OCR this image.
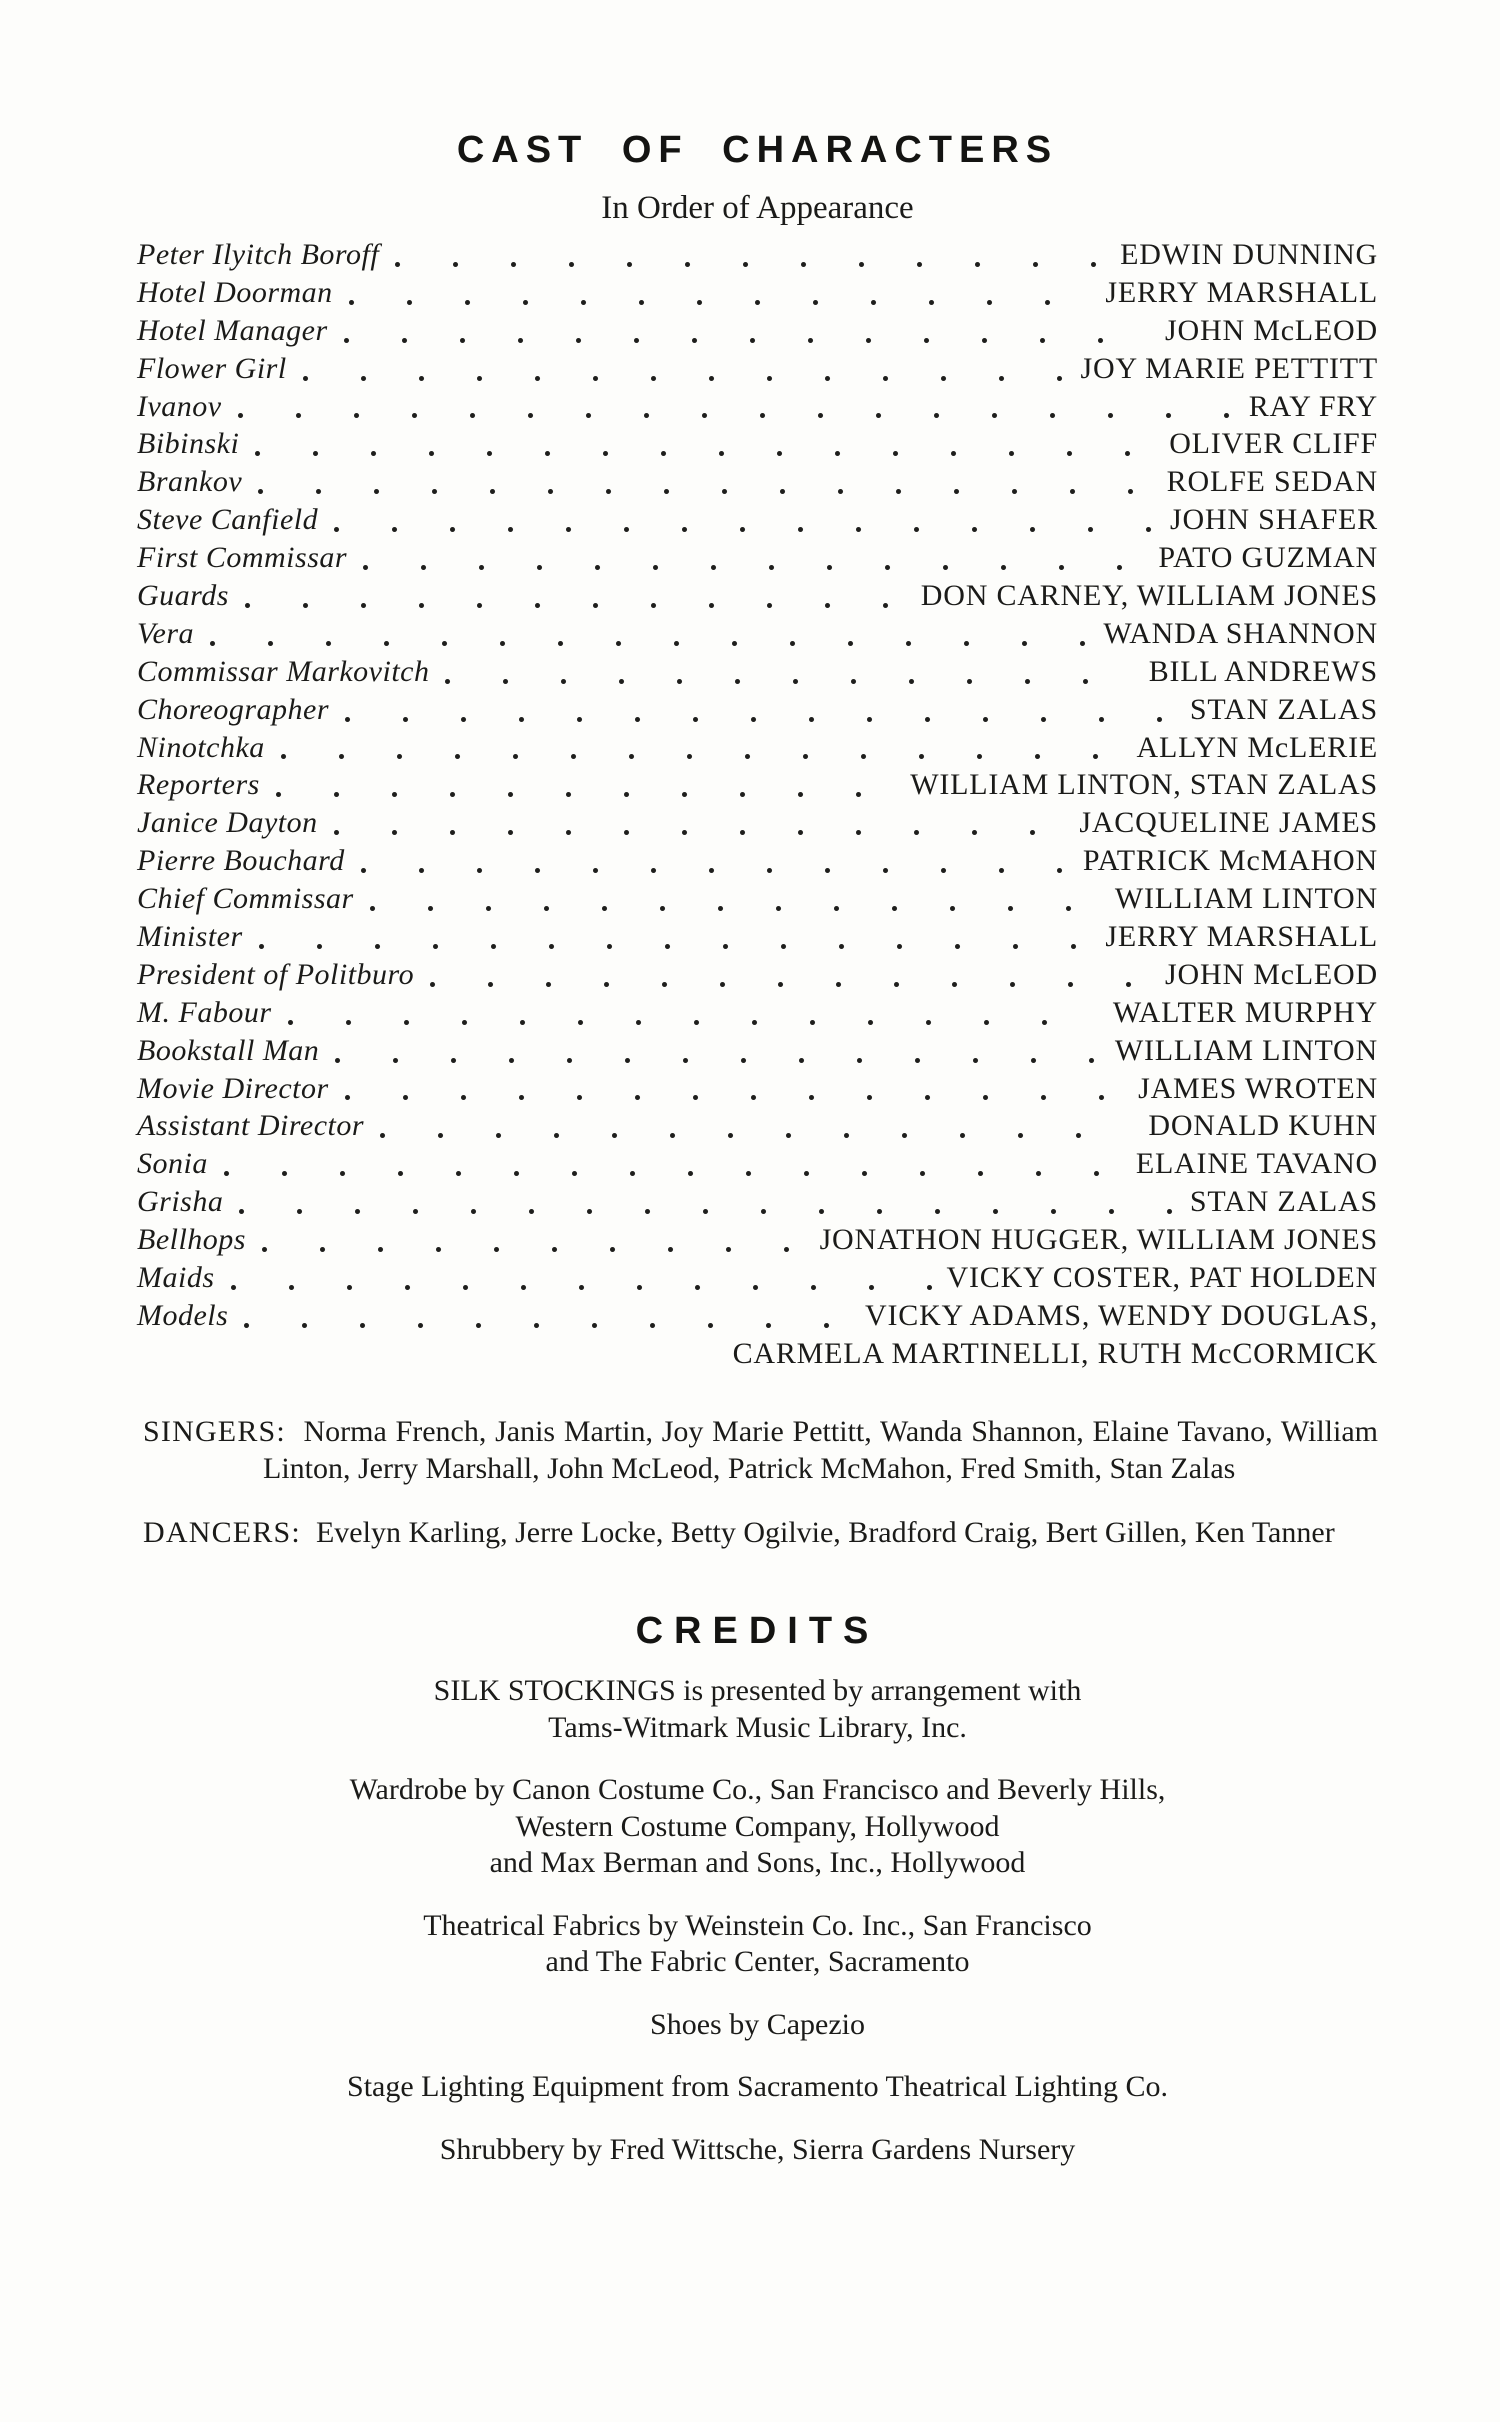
CAST OF CHARACTERS
In Order of Appearance
Peter Ilyitch Boroff	EDWIN DUNNING
Hotel Doorman	JERRY MARSHALL
Hotel Manager	JOHN McLEOD
Flower Girl	JOY MARIE PETTITT
Ivanov	RAY FRY
Bibinski	OLIVER CLIFF
Brankov	ROLFE SEDAN
Steve Canfield	JOHN SHAFER
First Commissar	PATO GUZMAN
Guards	DON CARNEY, WILLIAM JONES
Vera	WANDA SHANNON
Commissar Markovitch	BILL ANDREWS
Choreographer	STAN ZALAS
Ninotchka	ALLYN McLERIE
Reporters	WILLIAM LINTON, STAN ZALAS
Janice Dayton	JACQUELINE JAMES
Pierre Bouchard	PATRICK McMAHON
Chief Commissar	WILLIAM LINTON
Minister	JERRY MARSHALL
President of Politburo	JOHN McLEOD
M. Fabour	WALTER MURPHY
Bookstall Man	WILLIAM LINTON
Movie Director	JAMES WROTEN
Assistant Director	DONALD KUHN
Sonia	ELAINE TAVANO
Grisha	STAN ZALAS
Bellhops	JONATHON HUGGER, WILLIAM JONES
Maids	VICKY COSTER, PAT HOLDEN
Models	VICKY ADAMS, WENDY DOUGLAS,
CARMELA MARTINELLI, RUTH McCORMICK
SINGERS: Norma French, Janis Martin, Joy Marie Pettitt, Wanda Shannon, Elaine Tavano, William Linton, Jerry Marshall, John McLeod, Patrick McMahon, Fred Smith, Stan Zalas
DANCERS: Evelyn Karling, Jerre Locke, Betty Ogilvie, Bradford Craig, Bert Gillen, Ken Tanner
CREDITS
SILK STOCKINGS is presented by arrangement with
Tams-Witmark Music Library, Inc.
Wardrobe by Canon Costume Co., San Francisco and Beverly Hills,
Western Costume Company, Hollywood
and Max Berman and Sons, Inc., Hollywood
Theatrical Fabrics by Weinstein Co. Inc., San Francisco
and The Fabric Center, Sacramento
Shoes by Capezio
Stage Lighting Equipment from Sacramento Theatrical Lighting Co.
Shrubbery by Fred Wittsche, Sierra Gardens Nursery
